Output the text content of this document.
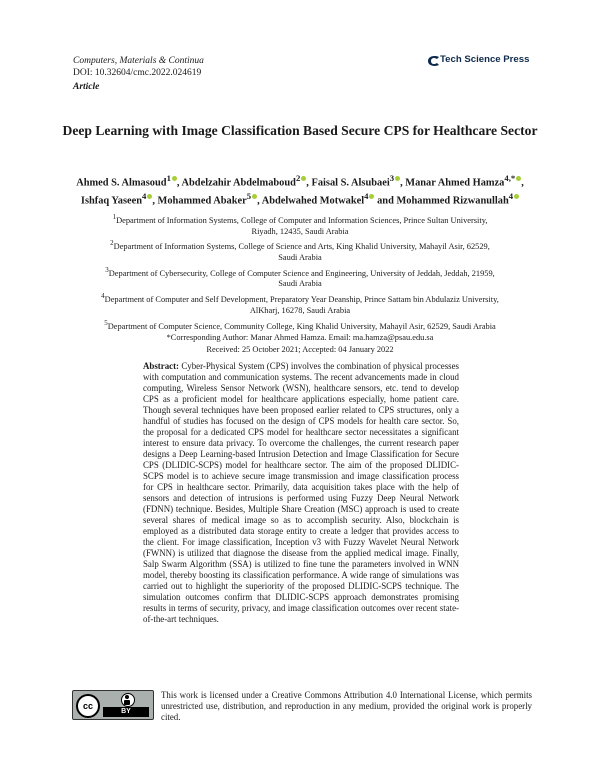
Computers, Materials & Continua
DOI: 10.32604/cmc.2022.024619
Article
Tech Science Press
Deep Learning with Image Classification Based Secure CPS for Healthcare Sector
Ahmed S. Almasoud$^1$ , Abdelzahir Abdelmaboud$^2$ , Faisal S. Alsubaei$^3$ , Manar Ahmed Hamza$^{4,*}$ ,
Ishfaq Yaseen$^4$ , Mohammed Abaker$^5$ , Abdelwahed Motwakel$^4$ and Mohammed Rizwanullah$^4$

$^1$Department of Information Systems, College of Computer and Information Sciences, Prince Sultan University,
Riyadh, 12435, Saudi Arabia

$^2$Department of Information Systems, College of Science and Arts, King Khalid University, Mahayil Asir, 62529,
Saudi Arabia

$^3$Department of Cybersecurity, College of Computer Science and Engineering, University of Jeddah, Jeddah, 21959,
Saudi Arabia

$^4$Department of Computer and Self Development, Preparatory Year Deanship, Prince Sattam bin Abdulaziz University,
AlKharj, 16278, Saudi Arabia

$^5$Department of Computer Science, Community College, King Khalid University, Mahayil Asir, 62529, Saudi Arabia

*Corresponding Author: Manar Ahmed Hamza. Email: ma.hamza@psau.edu.sa

Received: 25 October 2021; Accepted: 04 January 2022

Abstract: Cyber-Physical System (CPS) involves the combination of physical processes with computation and communication systems. The recent advancements made in cloud computing, Wireless Sensor Network (WSN), healthcare sensors, etc. tend to develop CPS as a proficient model for healthcare applications especially, home patient care. Though several techniques have been proposed earlier related to CPS structures, only a handful of studies has focused on the design of CPS models for health care sector. So, the proposal for a dedicated CPS model for healthcare sector necessitates a significant interest to ensure data privacy. To overcome the challenges, the current research paper designs a Deep Learning-based Intrusion Detection and Image Classification for Secure CPS (DLIDIC-SCPS) model for healthcare sector. The aim of the proposed DLIDIC-SCPS model is to achieve secure image transmission and image classification process for CPS in healthcare sector. Primarily, data acquisition takes place with the help of sensors and detection of intrusions is performed using Fuzzy Deep Neural Network (FDNN) technique. Besides, Multiple Share Creation (MSC) approach is used to create several shares of medical image so as to accomplish security. Also, blockchain is employed as a distributed data storage entity to create a ledger that provides access to the client. For image classification, Inception v3 with Fuzzy Wavelet Neural Network (FWNN) is utilized that diagnose the disease from the applied medical image. Finally, Salp Swarm Algorithm (SSA) is utilized to fine tune the parameters involved in WNN model, thereby boosting its classification performance. A wide range of simulations was carried out to highlight the superiority of the proposed DLIDIC-SCPS technique. The simulation outcomes confirm that DLIDIC-SCPS approach demonstrates promising results in terms of security, privacy, and image classification outcomes over recent state-of-the-art techniques.
cc
BY
This work is licensed under a Creative Commons Attribution 4.0 International License, which permits unrestricted use, distribution, and reproduction in any medium, provided the original work is properly cited.
